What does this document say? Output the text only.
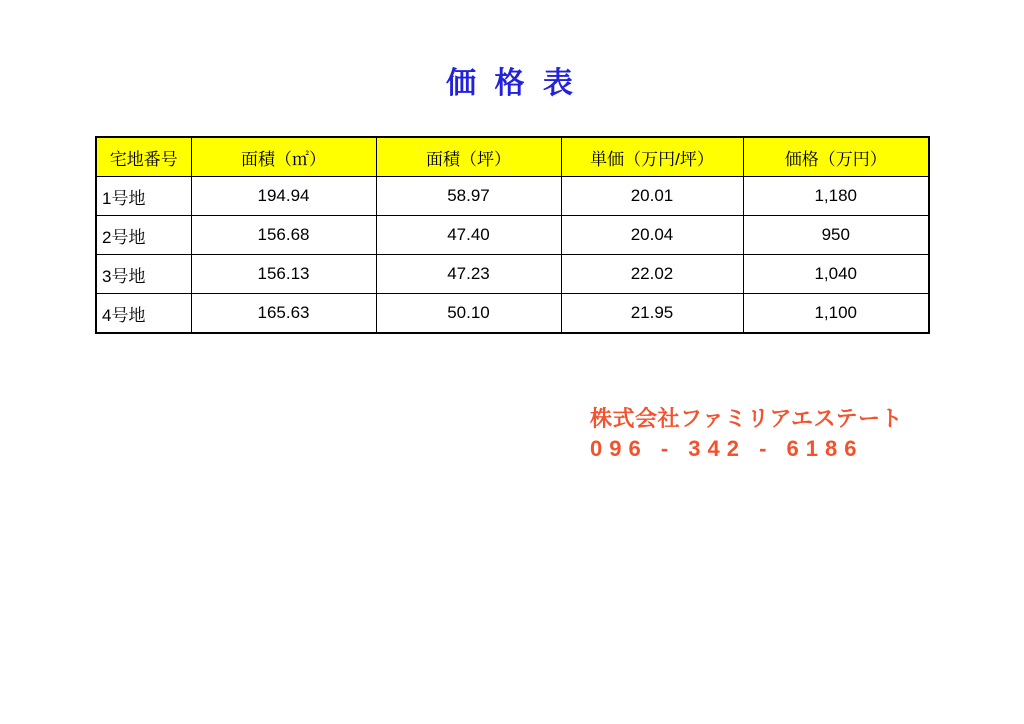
価 格 表
宅地番号	面積（㎡）	面積（坪）	単価（万円/坪）	価格（万円）
1号地	194.94	58.97	20.01	1,180
2号地	156.68	47.40	20.04	950
3号地	156.13	47.23	22.02	1,040
4号地	165.63	50.10	21.95	1,100
株式会社ファミリアエステート
096 - 342 - 6186
